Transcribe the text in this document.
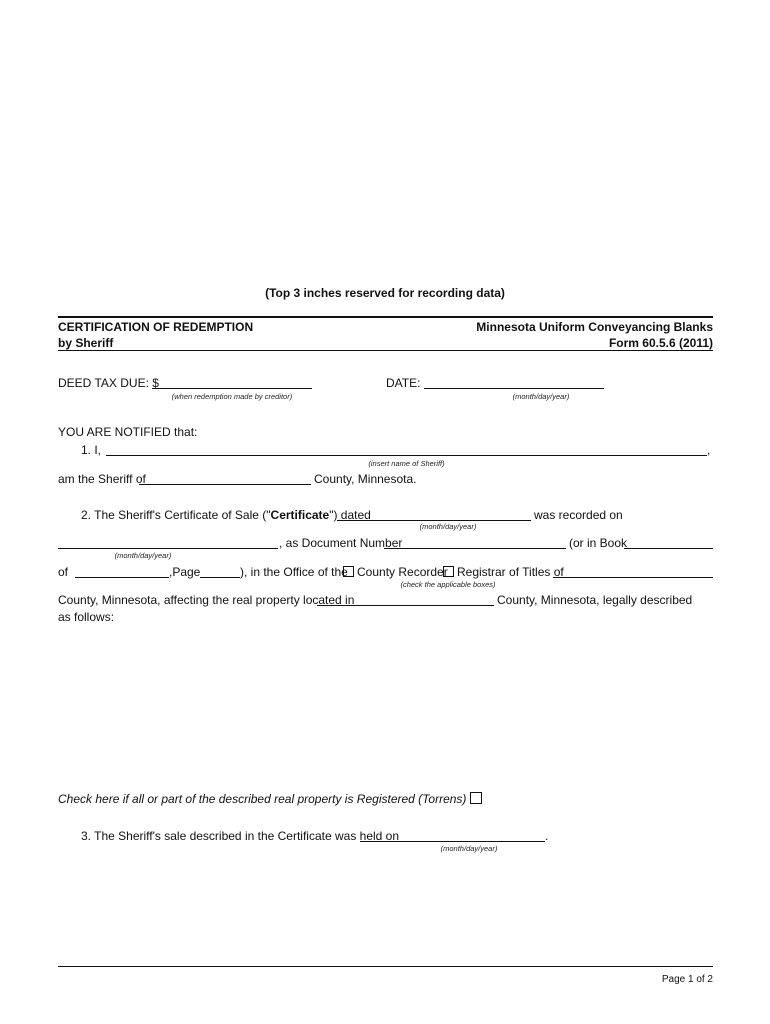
(Top 3 inches reserved for recording data)
CERTIFICATION OF REDEMPTION
by Sheriff
Minnesota Uniform Conveyancing Blanks
Form 60.5.6 (2011)
DEED TAX DUE: $
(when redemption made by creditor)
DATE:
(month/day/year)
YOU ARE NOTIFIED that:
1. I,	,
(insert name of Sheriff)
am the Sheriff of	County, Minnesota.
2. The Sheriff's Certificate of Sale ("Certificate") dated	was recorded on
(month/day/year)
, as Document Number	(or in Book
(month/day/year)
of	,Page	), in the Office of the County Recorder Registrar of Titles of
(check the applicable boxes)
County, Minnesota, affecting the real property located in	County, Minnesota, legally described
as follows:
Check here if all or part of the described real property is Registered (Torrens)
3. The Sheriff's sale described in the Certificate was held on	.
(month/day/year)
Page 1 of 2
